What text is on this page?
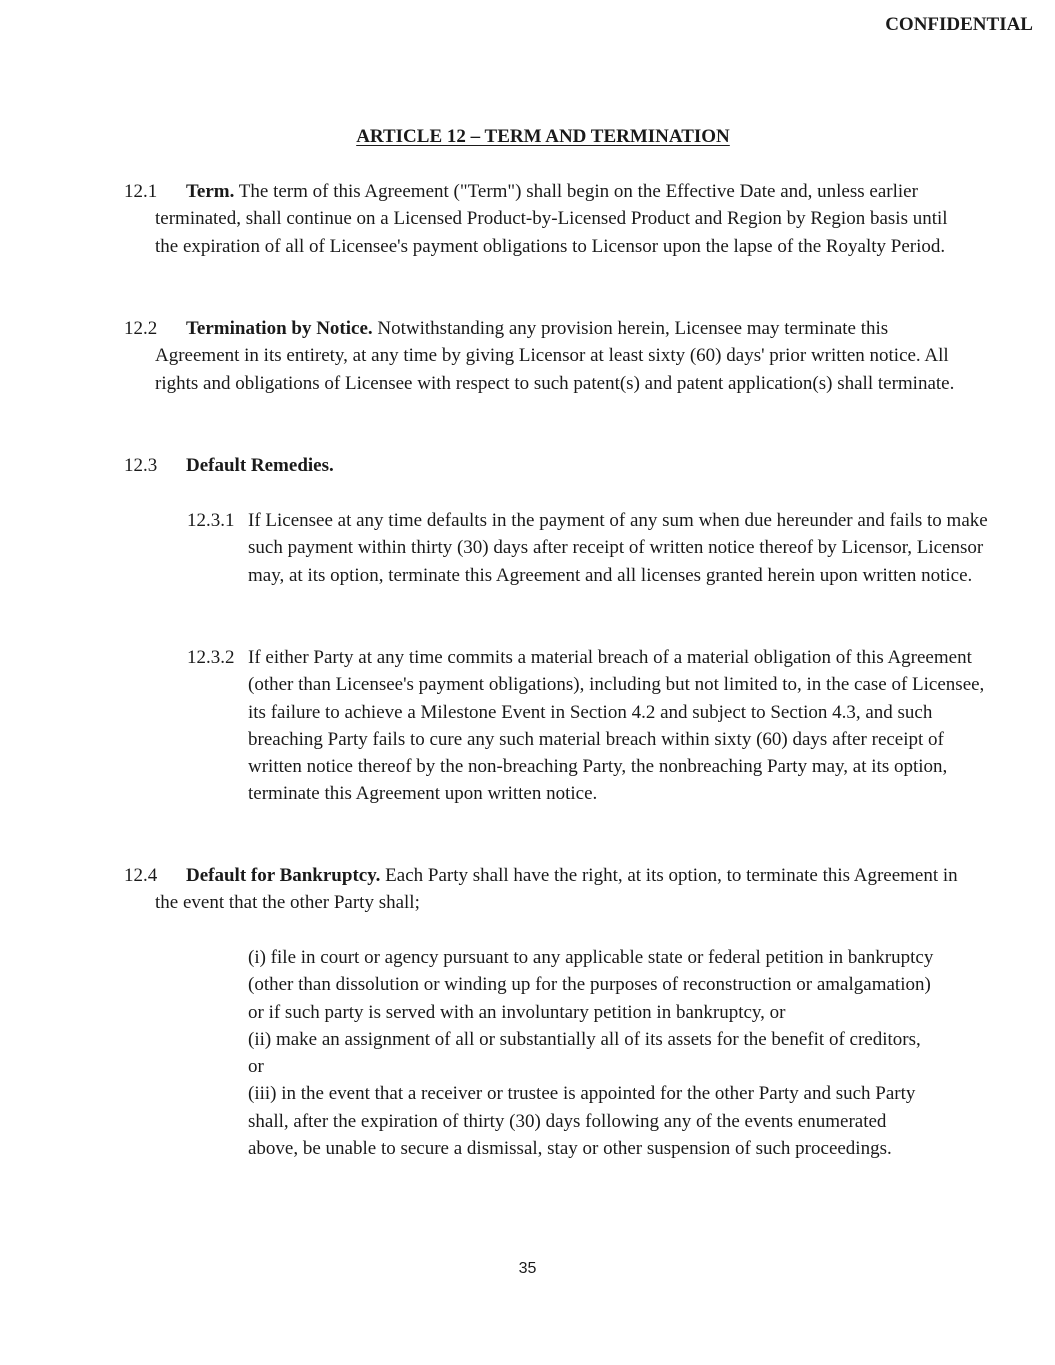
CONFIDENTIAL
ARTICLE 12 – TERM AND TERMINATION
12.1 Term. The term of this Agreement ("Term") shall begin on the Effective Date and, unless earlier terminated, shall continue on a Licensed Product-by-Licensed Product and Region by Region basis until the expiration of all of Licensee's payment obligations to Licensor upon the lapse of the Royalty Period.
12.2 Termination by Notice. Notwithstanding any provision herein, Licensee may terminate this Agreement in its entirety, at any time by giving Licensor at least sixty (60) days' prior written notice. All rights and obligations of Licensee with respect to such patent(s) and patent application(s) shall terminate.
12.3 Default Remedies.
12.3.1 If Licensee at any time defaults in the payment of any sum when due hereunder and fails to make such payment within thirty (30) days after receipt of written notice thereof by Licensor, Licensor may, at its option, terminate this Agreement and all licenses granted herein upon written notice.
12.3.2 If either Party at any time commits a material breach of a material obligation of this Agreement (other than Licensee's payment obligations), including but not limited to, in the case of Licensee, its failure to achieve a Milestone Event in Section 4.2 and subject to Section 4.3, and such breaching Party fails to cure any such material breach within sixty (60) days after receipt of written notice thereof by the non-breaching Party, the nonbreaching Party may, at its option, terminate this Agreement upon written notice.
12.4 Default for Bankruptcy. Each Party shall have the right, at its option, to terminate this Agreement in the event that the other Party shall;

(i) file in court or agency pursuant to any applicable state or federal petition in bankruptcy (other than dissolution or winding up for the purposes of reconstruction or amalgamation) or if such party is served with an involuntary petition in bankruptcy, or

(ii) make an assignment of all or substantially all of its assets for the benefit of creditors, or

(iii) in the event that a receiver or trustee is appointed for the other Party and such Party shall, after the expiration of thirty (30) days following any of the events enumerated above, be unable to secure a dismissal, stay or other suspension of such proceedings.

35
